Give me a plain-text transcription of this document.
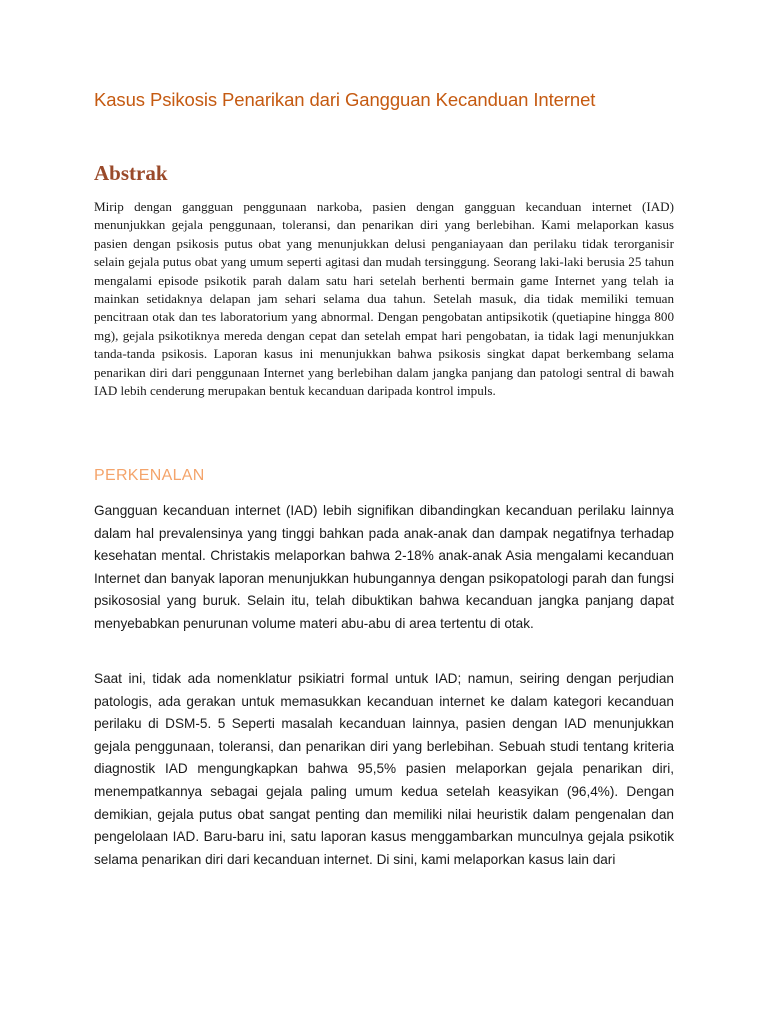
Kasus Psikosis Penarikan dari Gangguan Kecanduan Internet
Abstrak

Mirip dengan gangguan penggunaan narkoba, pasien dengan gangguan kecanduan internet (IAD) menunjukkan gejala penggunaan, toleransi, dan penarikan diri yang berlebihan. Kami melaporkan kasus pasien dengan psikosis putus obat yang menunjukkan delusi penganiayaan dan perilaku tidak terorganisir selain gejala putus obat yang umum seperti agitasi dan mudah tersinggung. Seorang laki-laki berusia 25 tahun mengalami episode psikotik parah dalam satu hari setelah berhenti bermain game Internet yang telah ia mainkan setidaknya delapan jam sehari selama dua tahun. Setelah masuk, dia tidak memiliki temuan pencitraan otak dan tes laboratorium yang abnormal. Dengan pengobatan antipsikotik (quetiapine hingga 800 mg), gejala psikotiknya mereda dengan cepat dan setelah empat hari pengobatan, ia tidak lagi menunjukkan tanda-tanda psikosis. Laporan kasus ini menunjukkan bahwa psikosis singkat dapat berkembang selama penarikan diri dari penggunaan Internet yang berlebihan dalam jangka panjang dan patologi sentral di bawah IAD lebih cenderung merupakan bentuk kecanduan daripada kontrol impuls.

PERKENALAN

Gangguan kecanduan internet (IAD) lebih signifikan dibandingkan kecanduan perilaku lainnya dalam hal prevalensinya yang tinggi bahkan pada anak-anak dan dampak negatifnya terhadap kesehatan mental. Christakis melaporkan bahwa 2-18% anak-anak Asia mengalami kecanduan Internet dan banyak laporan menunjukkan hubungannya dengan psikopatologi parah dan fungsi psikososial yang buruk. Selain itu, telah dibuktikan bahwa kecanduan jangka panjang dapat menyebabkan penurunan volume materi abu-abu di area tertentu di otak.

Saat ini, tidak ada nomenklatur psikiatri formal untuk IAD; namun, seiring dengan perjudian patologis, ada gerakan untuk memasukkan kecanduan internet ke dalam kategori kecanduan perilaku di DSM-5. 5 Seperti masalah kecanduan lainnya, pasien dengan IAD menunjukkan gejala penggunaan, toleransi, dan penarikan diri yang berlebihan. Sebuah studi tentang kriteria diagnostik IAD mengungkapkan bahwa 95,5% pasien melaporkan gejala penarikan diri, menempatkannya sebagai gejala paling umum kedua setelah keasyikan (96,4%). Dengan demikian, gejala putus obat sangat penting dan memiliki nilai heuristik dalam pengenalan dan pengelolaan IAD. Baru-baru ini, satu laporan kasus menggambarkan munculnya gejala psikotik selama penarikan diri dari kecanduan internet. Di sini, kami melaporkan kasus lain dari
